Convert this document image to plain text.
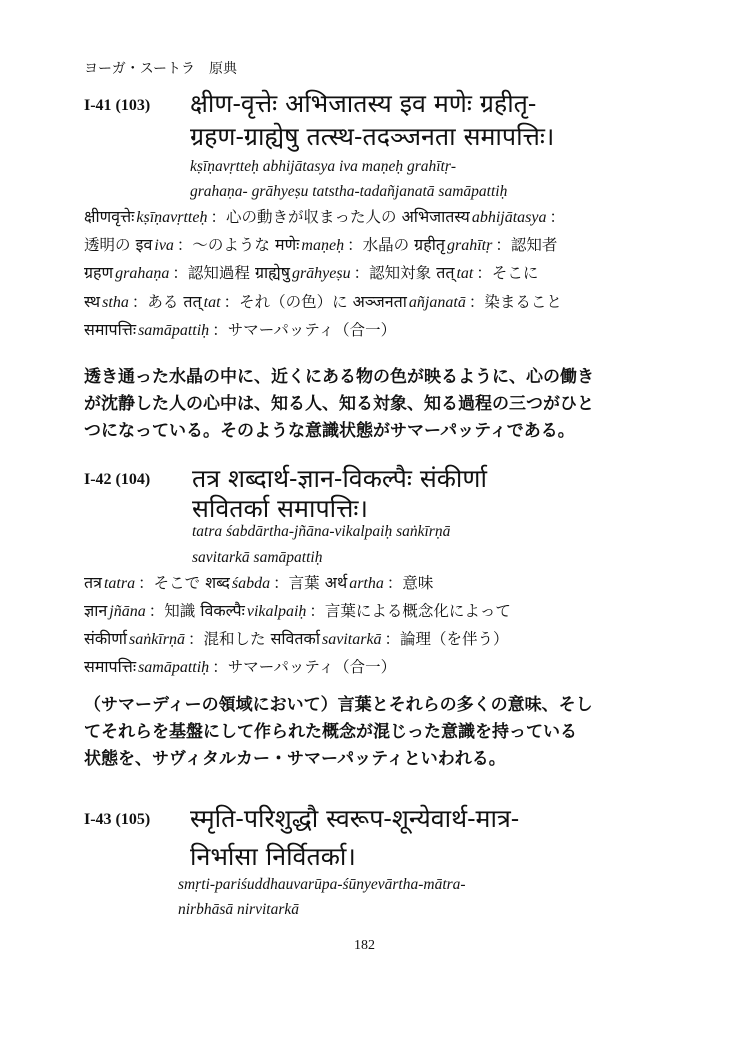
ヨーガ・スートラ　原典
I-41 (103) क्षीण-वृत्तेः अभिजातस्य इव मणेः ग्रहीतृ-
ग्रहण-ग्राह्येषु तत्स्थ-तदञ्जनता समापत्तिः।
kṣīṇavṛtteḥ abhijātasya iva maṇeḥ grahītṛ-
grahaṇa- grāhyeṣu tatstha-tadañjanatā samāpattiḥ
क्षीणवृत्तेः kṣīṇavṛtteḥ ：心の動きが収まった人の अभिजातस्य abhijātasya ：
透明の इव iva ：〜のような मणेः maṇeḥ ：水晶の ग्रहीतृ grahītṛ ：認知者
ग्रहण grahaṇa ：認知過程 ग्राह्येषु grāhyeṣu ：認知対象 तत् tat ：そこに
स्थ stha ：ある तत् tat ：それ（の色）に अञ्जनता añjanatā ：染まること
समापत्तिः samāpattiḥ ：サマーパッティ（合一）
透き通った水晶の中に、近くにある物の色が映るように、心の働き
が沈静した人の心中は、知る人、知る対象、知る過程の三つがひと
つになっている。そのような意識状態がサマーパッティである。
I-42 (104) तत्र शब्दार्थ-ज्ञान-विकल्पैः संकीर्णा
सवितर्का समापत्तिः।
tatra śabdārtha-jñāna-vikalpaiḥ saṅkīrṇā
savitarkā samāpattiḥ
तत्र tatra ：そこで शब्द śabda ：言葉 अर्थ artha ：意味
ज्ञान jñāna ：知識 विकल्पैः vikalpaiḥ ：言葉による概念化によって
संकीर्णा saṅkīrṇā ：混和した सवितर्का savitarkā ：論理（を伴う）
समापत्तिः samāpattiḥ ：サマーパッティ（合一）
（サマーディーの領域において）言葉とそれらの多くの意味、そし
てそれらを基盤にして作られた概念が混じった意識を持っている
状態を、サヴィタルカー・サマーパッティといわれる。
I-43 (105) स्मृति-परिशुद्धौ स्वरूप-शून्येवार्थ-मात्र-
निर्भासा निर्वितर्का।
smṛti-pariśuddhauvarūpa-śūnyevārtha-mātra-
nirbhāsā nirvitarkā
182
